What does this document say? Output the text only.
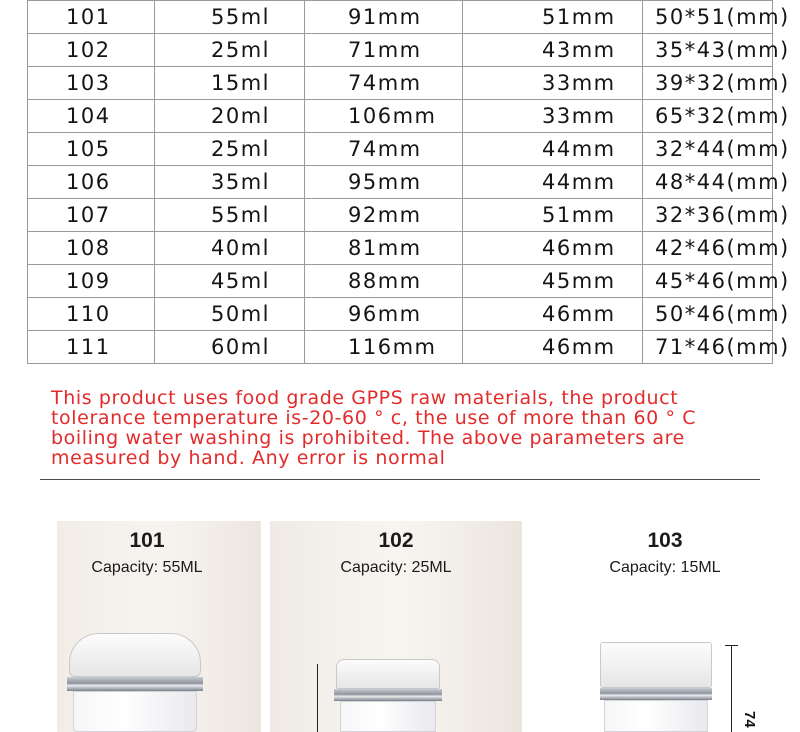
101	55ml	91mm	51mm	50*51(mm)
102	25ml	71mm	43mm	35*43(mm)
103	15ml	74mm	33mm	39*32(mm)
104	20ml	106mm	33mm	65*32(mm)
105	25ml	74mm	44mm	32*44(mm)
106	35ml	95mm	44mm	48*44(mm)
107	55ml	92mm	51mm	32*36(mm)
108	40ml	81mm	46mm	42*46(mm)
109	45ml	88mm	45mm	45*46(mm)
110	50ml	96mm	46mm	50*46(mm)
111	60ml	116mm	46mm	71*46(mm)
This product uses food grade GPPS raw materials, the product
tolerance temperature is-20-60 ° c, the use of more than 60 ° C
boiling water washing is prohibited. The above parameters are
measured by hand. Any error is normal
101
Capacity: 55ML
102
Capacity: 25ML
103
Capacity: 15ML
74
